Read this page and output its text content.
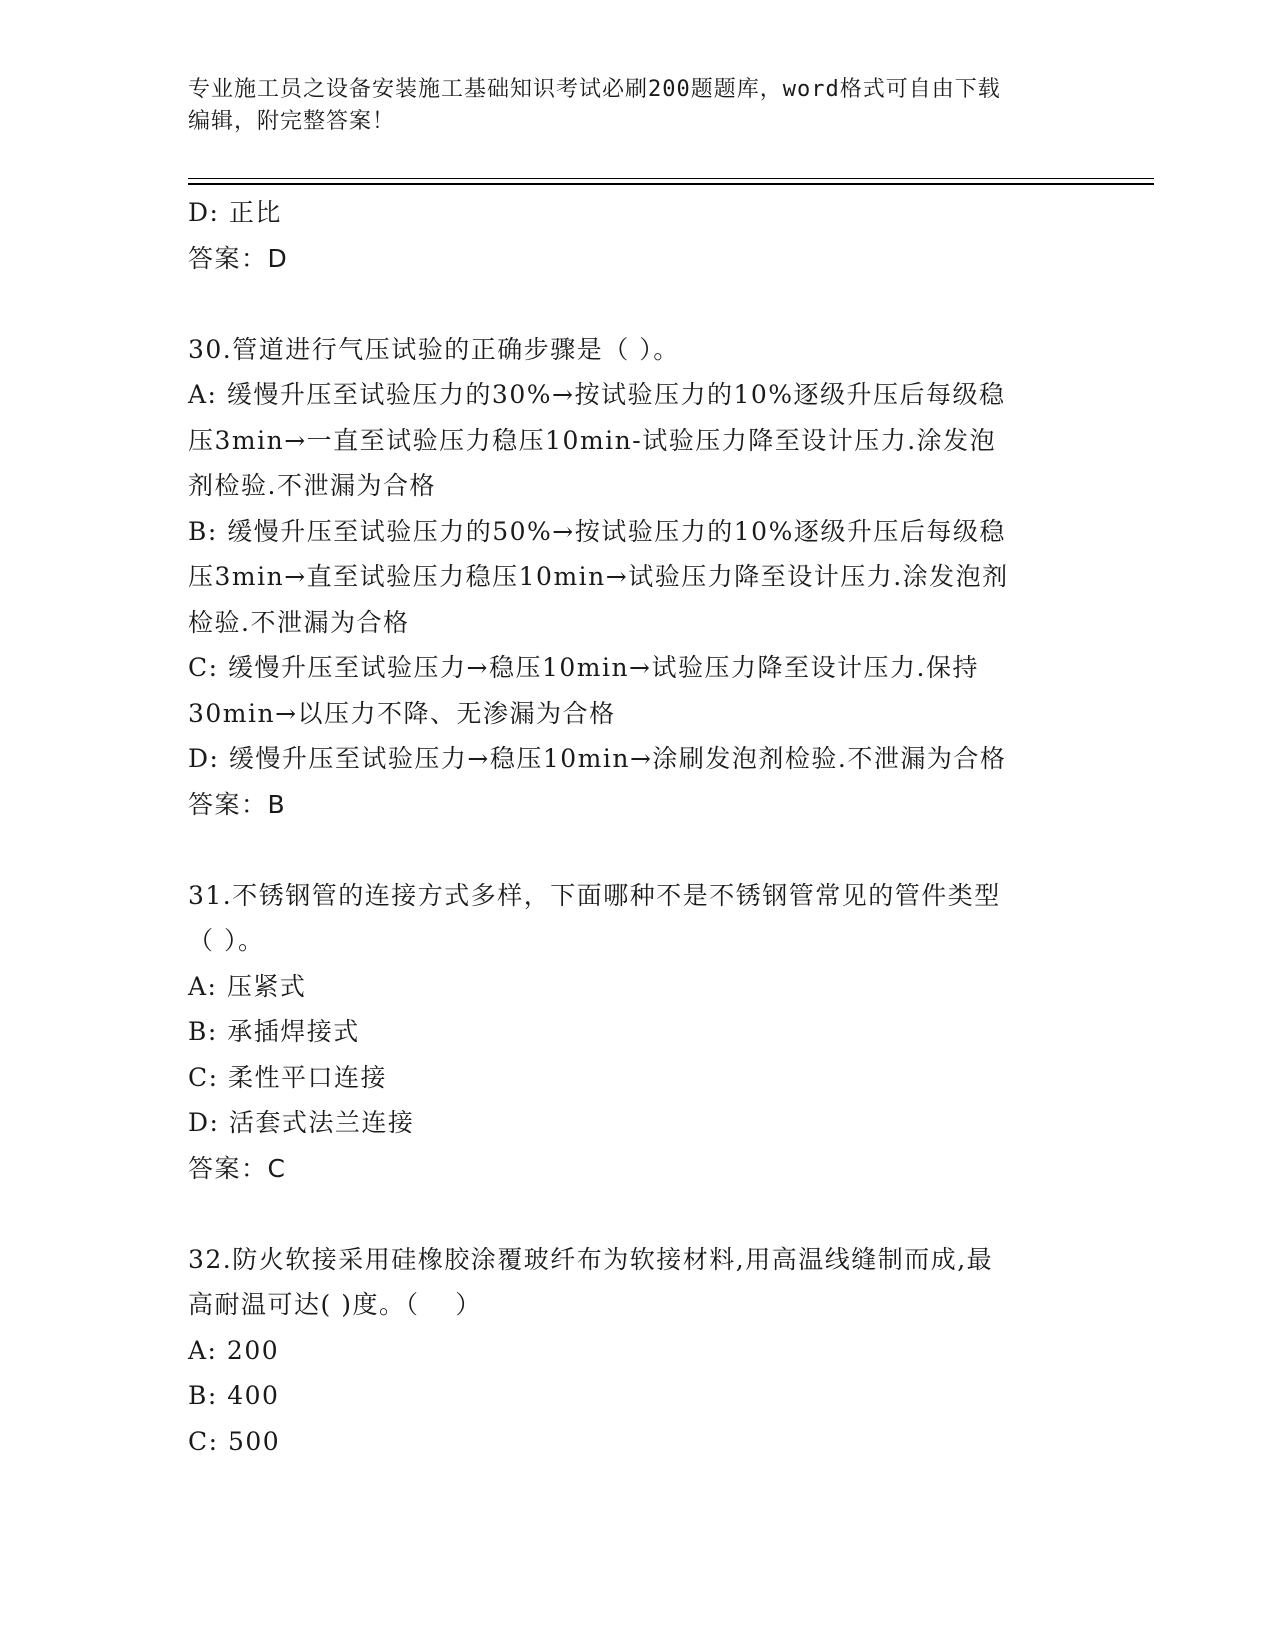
专业施工员之设备安装施工基础知识考试必刷200题题库，word格式可自由下载
编辑，附完整答案！
D: 正比
答案：D
30.管道进行气压试验的正确步骤是（ ）。
A: 缓慢升压至试验压力的30%→按试验压力的10%逐级升压后每级稳
压3min→一直至试验压力稳压10min-试验压力降至设计压力.涂发泡
剂检验.不泄漏为合格
B: 缓慢升压至试验压力的50%→按试验压力的10%逐级升压后每级稳
压3min→直至试验压力稳压10min→试验压力降至设计压力.涂发泡剂
检验.不泄漏为合格
C: 缓慢升压至试验压力→稳压10min→试验压力降至设计压力.保持
30min→以压力不降、无渗漏为合格
D: 缓慢升压至试验压力→稳压10min→涂刷发泡剂检验.不泄漏为合格
答案：B
31.不锈钢管的连接方式多样，下面哪种不是不锈钢管常见的管件类型
（ ）。
A: 压紧式
B: 承插焊接式
C: 柔性平口连接
D: 活套式法兰连接
答案：C
32.防火软接采用硅橡胶涂覆玻纤布为软接材料,用高温线缝制而成,最
高耐温可达( )度。（　 ）
A: 200
B: 400
C: 500
